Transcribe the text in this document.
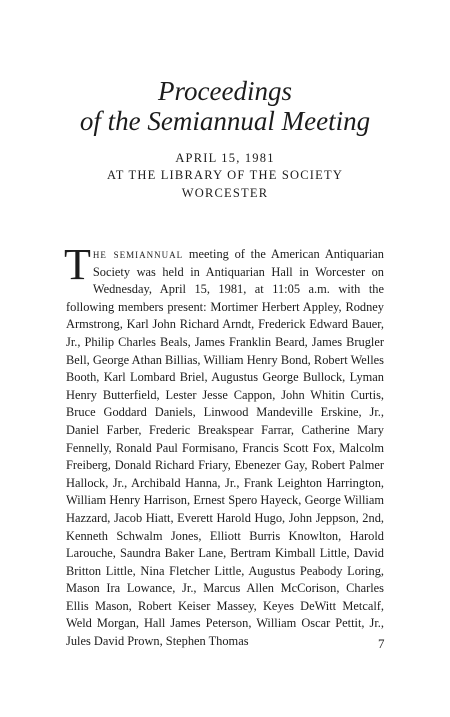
Proceedings
of the Semiannual Meeting
APRIL 15, 1981
AT THE LIBRARY OF THE SOCIETY
WORCESTER

The semiannual meeting of the American Antiquarian Society was held in Antiquarian Hall in Worcester on Wednesday, April 15, 1981, at 11:05 a.m. with the following members present: Mortimer Herbert Appley, Rodney Armstrong, Karl John Richard Arndt, Frederick Edward Bauer, Jr., Philip Charles Beals, James Franklin Beard, James Brugler Bell, George Athan Billias, William Henry Bond, Robert Welles Booth, Karl Lombard Briel, Augustus George Bullock, Lyman Henry Butterfield, Lester Jesse Cappon, John Whitin Curtis, Bruce Goddard Daniels, Linwood Mandeville Erskine, Jr., Daniel Farber, Frederic Breakspear Farrar, Catherine Mary Fennelly, Ronald Paul Formisano, Francis Scott Fox, Malcolm Freiberg, Donald Richard Friary, Ebenezer Gay, Robert Palmer Hallock, Jr., Archibald Hanna, Jr., Frank Leighton Harrington, William Henry Harrison, Ernest Spero Hayeck, George William Hazzard, Jacob Hiatt, Everett Harold Hugo, John Jeppson, 2nd, Kenneth Schwalm Jones, Elliott Burris Knowlton, Harold Larouche, Saundra Baker Lane, Bertram Kimball Little, David Britton Little, Nina Fletcher Little, Augustus Peabody Loring, Mason Ira Lowance, Jr., Marcus Allen McCorison, Charles Ellis Mason, Robert Keiser Massey, Keyes DeWitt Metcalf, Weld Morgan, Hall James Peterson, William Oscar Pettit, Jr., Jules David Prown, Stephen Thomas	7
